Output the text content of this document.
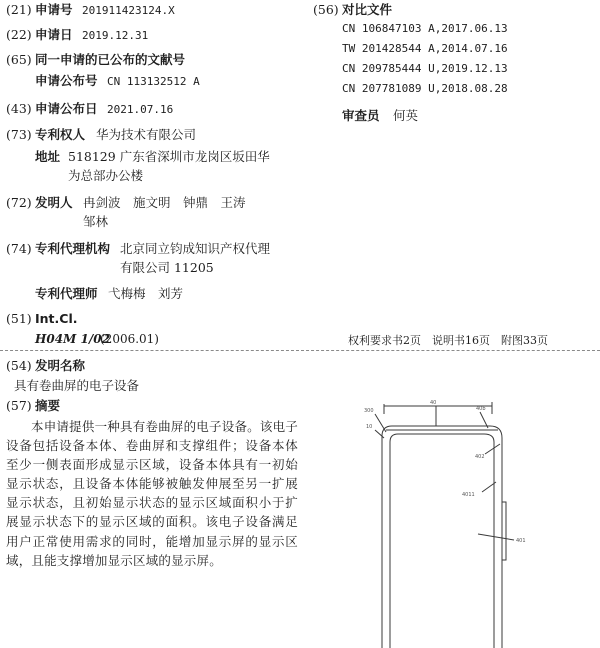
(21) 申请号 201911423124.X
(22) 申请日 2019.12.31
(65) 同一申请的已公布的文献号
申请公布号 CN 113132512 A
(43) 申请公布日 2021.07.16
(73) 专利权人 华为技术有限公司
地址 518129 广东省深圳市龙岗区坂田华
为总部办公楼
(72) 发明人 冉剑波　施文明　钟鼎　王涛
邹林
(74) 专利代理机构 北京同立钧成知识产权代理
有限公司 11205
专利代理师 弋梅梅　刘芳
(51) Int.Cl.
H04M 1/02
(2006.01)
(56) 对比文件
CN 106847103 A,2017.06.13
TW 201428544 A,2014.07.16
CN 209785444 U,2019.12.13
CN 207781089 U,2018.08.28
审查员 何英
权利要求书2页　说明书16页　附图33页
(54) 发明名称
具有卷曲屏的电子设备
(57) 摘要
本申请提供一种具有卷曲屏的电子设备。该电子设备包括设备本体、卷曲屏和支撑组件；设备本体至少一侧表面形成显示区域，设备本体具有一初始显示状态，且设备本体能够被触发伸展至另一扩展显示状态，且初始显示状态的显示区域面积小于扩展显示状态下的显示区域的面积。该电子设备满足用户正常使用需求的同时，能增加显示屏的显示区域，且能支撑增加显示区域的显示屏。
300
10
40
40b
402
4011
401
